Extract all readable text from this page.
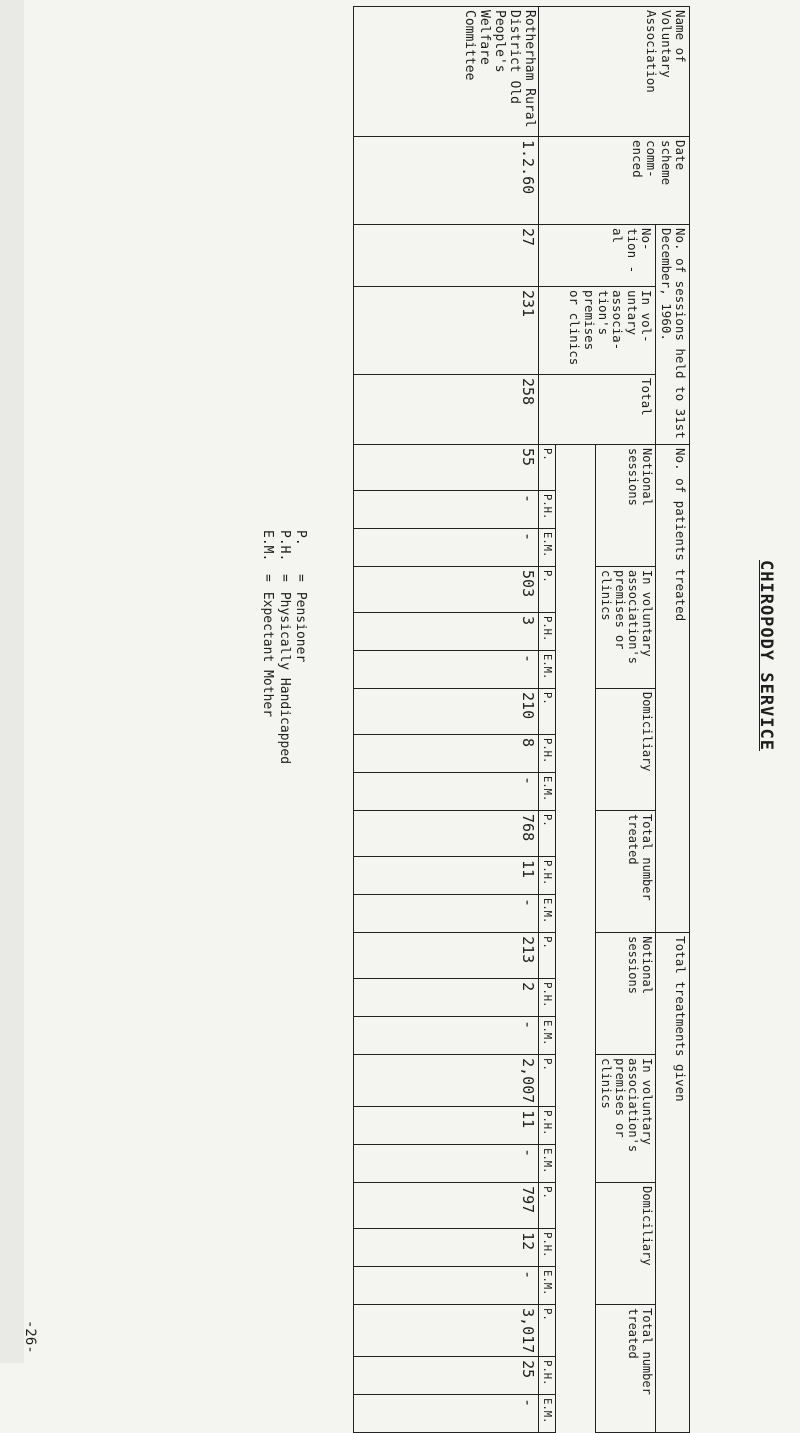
CHIROPODY SERVICE
Name of Voluntary Association	Date scheme comm- enced	No. of sessions held to 31st December, 1960.			No. of patients treated												Total treatments given											
		No- tion -al	In vol- untary associa- tion's premises or clinics	Total	Notional sessions			In voluntary association's premises or clinics			Domiciliary			Total number treated			Notional sessions			In voluntary association's premises or clinics			Domiciliary			Total number treated		

					P.	P.H.	E.M.	P.	P.H.	E.M.	P.	P.H.	E.M.	P.	P.H.	E.M.	P.	P.H.	E.M.	P.	P.H.	E.M.	P.	P.H.	E.M.	P.	P.H.	E.M.
Rotherham Rural District Old People's Welfare Committee	1.2.60	27	231	258	55	-	-	503	3	-	210	8	-	768	11	-	213	2	-	2,007	11	-	797	12	-	3,017	25	-
P.
=
Pensioner
P.H.
=
Physically Handicapped
E.M.
=
Expectant Mother
-26-
